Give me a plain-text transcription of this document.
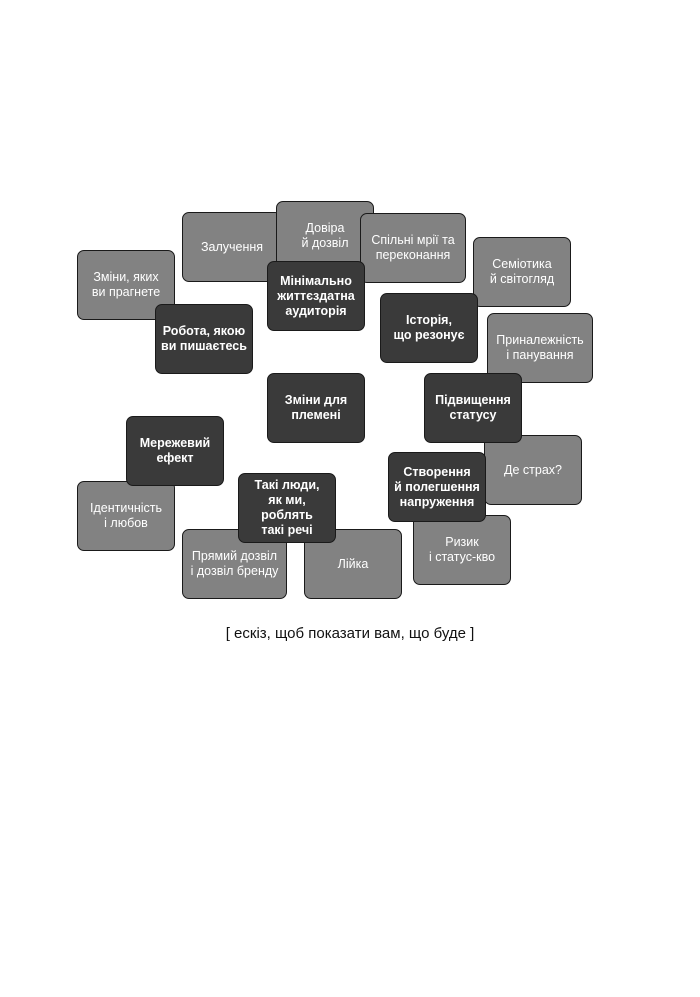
Залучення
Довіра
й дозвіл	Спільні мрії та
переконання
Семіотика
й світогляд
Зміни, яких
ви прагнете
Приналежність
і панування
Де страх?
Ідентичність
і любов
Ризик
і статус-кво
Лійка
Прямий дозвіл
і дозвіл бренду
Мінімально
життєздатна
аудиторія
Робота, якою
ви пишаєтесь
Історія,
що резонує
Зміни для
племені
Підвищення
статусу
Мережевий
ефект
Створення
й полегшення
напруження
Такі люди,
як ми, роблять
такі речі
[ ескіз, щоб показати вам, що буде ]
